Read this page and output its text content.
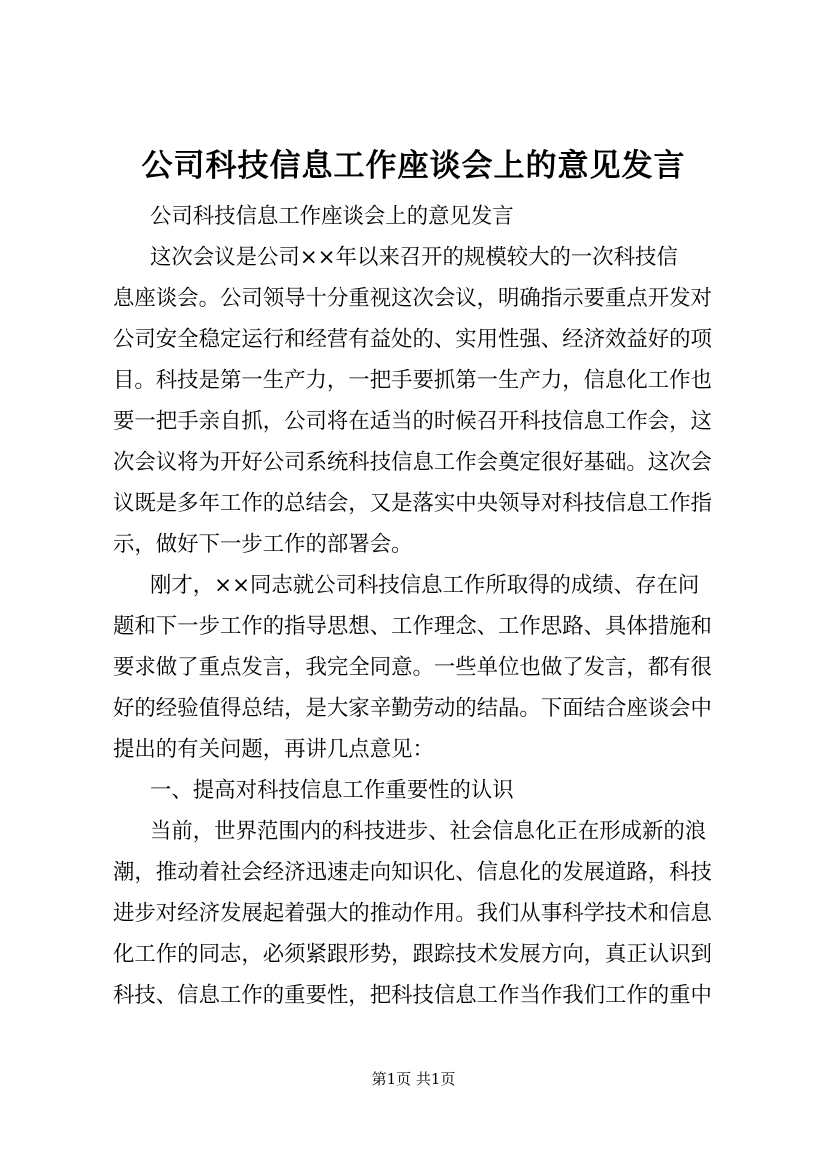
公司科技信息工作座谈会上的意见发言
公司科技信息工作座谈会上的意见发言
这次会议是公司××年以来召开的规模较大的一次科技信
息座谈会。公司领导十分重视这次会议，明确指示要重点开发对
公司安全稳定运行和经营有益处的、实用性强、经济效益好的项
目。科技是第一生产力，一把手要抓第一生产力，信息化工作也
要一把手亲自抓，公司将在适当的时候召开科技信息工作会，这
次会议将为开好公司系统科技信息工作会奠定很好基础。这次会
议既是多年工作的总结会，又是落实中央领导对科技信息工作指
示，做好下一步工作的部署会。
刚才，××同志就公司科技信息工作所取得的成绩、存在问
题和下一步工作的指导思想、工作理念、工作思路、具体措施和
要求做了重点发言，我完全同意。一些单位也做了发言，都有很
好的经验值得总结，是大家辛勤劳动的结晶。下面结合座谈会中
提出的有关问题，再讲几点意见：
一、提高对科技信息工作重要性的认识
当前，世界范围内的科技进步、社会信息化正在形成新的浪
潮，推动着社会经济迅速走向知识化、信息化的发展道路，科技
进步对经济发展起着强大的推动作用。我们从事科学技术和信息
化工作的同志，必须紧跟形势，跟踪技术发展方向，真正认识到
科技、信息工作的重要性，把科技信息工作当作我们工作的重中
第1页 共1页
